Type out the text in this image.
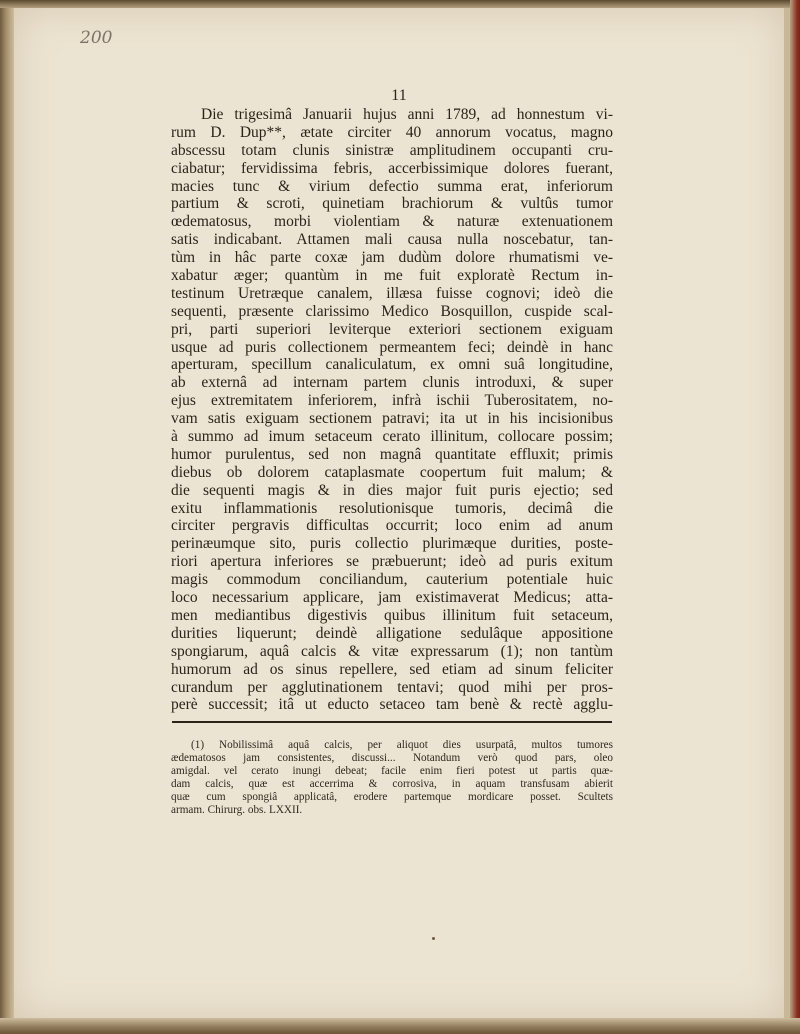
200
11
Die trigesimâ Januarii hujus anni 1789, ad honnestum vi-
rum D. Dup**, ætate circiter 40 annorum vocatus, magno
abscessu totam clunis sinistræ amplitudinem occupanti cru-
ciabatur; fervidissima febris, accerbissimique dolores fuerant,
macies tunc & virium defectio summa erat, inferiorum
partium & scroti, quinetiam brachiorum & vultûs tumor
œdematosus, morbi violentiam & naturæ extenuationem
satis indicabant. Attamen mali causa nulla noscebatur, tan-
tùm in hâc parte coxæ jam dudùm dolore rhumatismi ve-
xabatur æger; quantùm in me fuit exploratè Rectum in-
testinum Uretræque canalem, illæsa fuisse cognovi; ideò die
sequenti, præsente clarissimo Medico Bosquillon, cuspide scal-
pri, parti superiori leviterque exteriori sectionem exiguam
usque ad puris collectionem permeantem feci; deindè in hanc
aperturam, specillum canaliculatum, ex omni suâ longitudine,
ab externâ ad internam partem clunis introduxi, & super
ejus extremitatem inferiorem, infrà ischii Tuberositatem, no-
vam satis exiguam sectionem patravi; ita ut in his incisionibus
à summo ad imum setaceum cerato illinitum, collocare possim;
humor purulentus, sed non magnâ quantitate effluxit; primis
diebus ob dolorem cataplasmate coopertum fuit malum; &
die sequenti magis & in dies major fuit puris ejectio; sed
exitu inflammationis resolutionisque tumoris, decimâ die
circiter pergravis difficultas occurrit; loco enim ad anum
perinæumque sito, puris collectio plurimæque durities, poste-
riori apertura inferiores se præbuerunt; ideò ad puris exitum
magis commodum conciliandum, cauterium potentiale huic
loco necessarium applicare, jam existimaverat Medicus; atta-
men mediantibus digestivis quibus illinitum fuit setaceum,
durities liquerunt; deindè alligatione sedulâque appositione
spongiarum, aquâ calcis & vitæ expressarum (1); non tantùm
humorum ad os sinus repellere, sed etiam ad sinum feliciter
curandum per agglutinationem tentavi; quod mihi per pros-
perè successit; itâ ut educto setaceo tam benè & rectè agglu-
(1) Nobilissimâ aquâ calcis, per aliquot dies usurpatâ, multos tumores
ædematosos jam consistentes, discussi... Notandum verò quod pars, oleo
amigdal. vel cerato inungi debeat; facile enim fieri potest ut partis quæ-
dam calcis, quæ est accerrima & corrosiva, in aquam transfusam abierit
quæ cum spongiâ applicatâ, erodere partemque mordicare posset. Scultets
armam. Chirurg. obs. LXXII.
